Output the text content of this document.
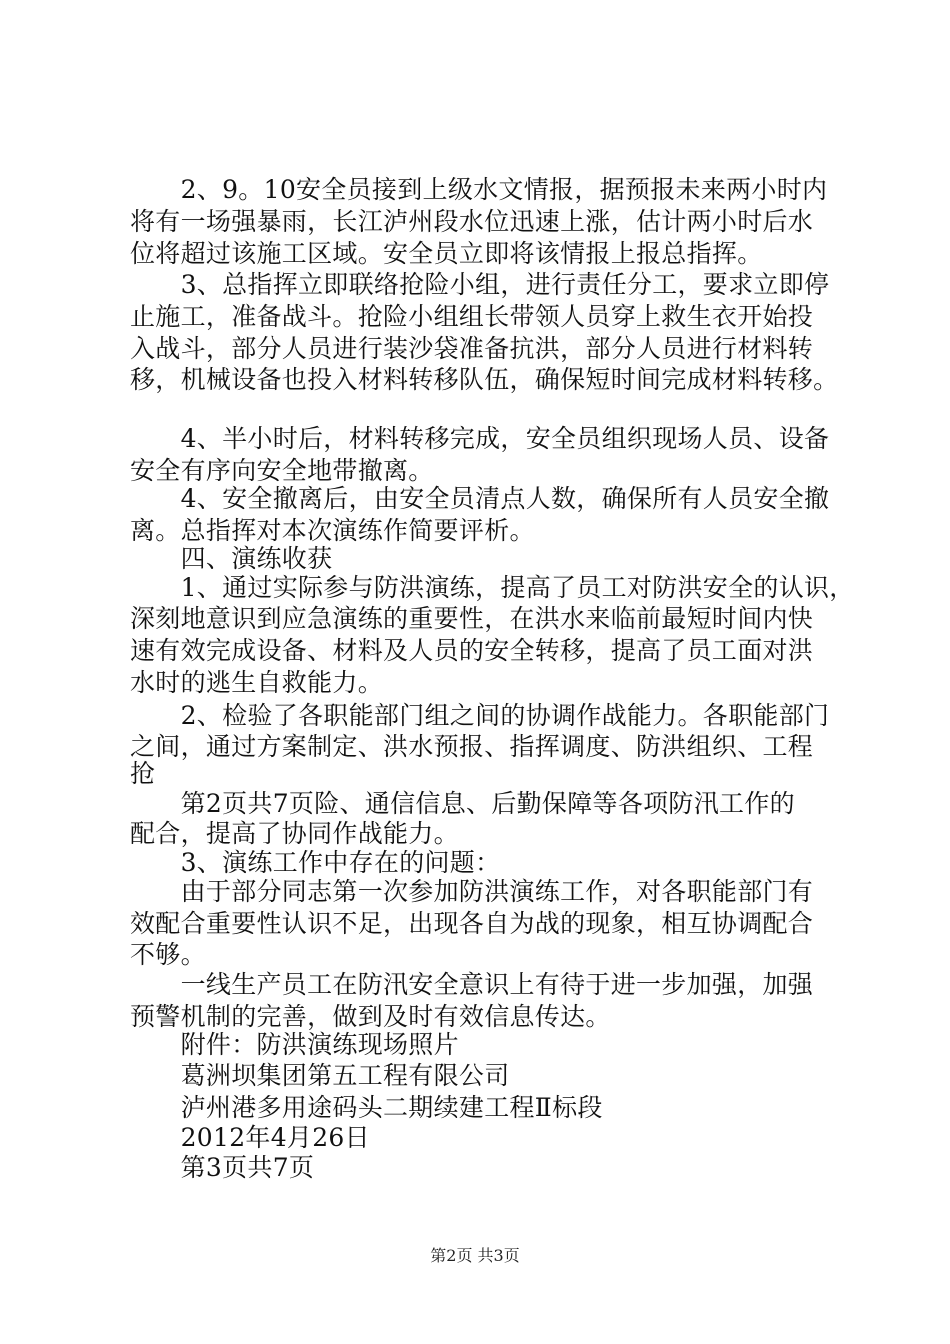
　　2、9。10安全员接到上级水文情报，据预报未来两小时内
将有一场强暴雨，长江泸州段水位迅速上涨，估计两小时后水
位将超过该施工区域。安全员立即将该情报上报总指挥。
　　3、总指挥立即联络抢险小组，进行责任分工，要求立即停
止施工，准备战斗。抢险小组组长带领人员穿上救生衣开始投
入战斗，部分人员进行装沙袋准备抗洪，部分人员进行材料转
移，机械设备也投入材料转移队伍，确保短时间完成材料转移。
　　4、半小时后，材料转移完成，安全员组织现场人员、设备
安全有序向安全地带撤离。
　　4、安全撤离后，由安全员清点人数，确保所有人员安全撤
离。总指挥对本次演练作简要评析。
　　四、演练收获
　　1、通过实际参与防洪演练，提高了员工对防洪安全的认识，
深刻地意识到应急演练的重要性，在洪水来临前最短时间内快
速有效完成设备、材料及人员的安全转移，提高了员工面对洪
水时的逃生自救能力。
　　2、检验了各职能部门组之间的协调作战能力。各职能部门
之间，通过方案制定、洪水预报、指挥调度、防洪组织、工程
抢
　　第2页共7页险、通信信息、后勤保障等各项防汛工作的
配合，提高了协同作战能力。
　　3、演练工作中存在的问题：
　　由于部分同志第一次参加防洪演练工作，对各职能部门有
效配合重要性认识不足，出现各自为战的现象，相互协调配合
不够。
　　一线生产员工在防汛安全意识上有待于进一步加强，加强
预警机制的完善，做到及时有效信息传达。
　　附件：防洪演练现场照片
　　葛洲坝集团第五工程有限公司
　　泸州港多用途码头二期续建工程Ⅱ标段
　　2012年4月26日
　　第3页共7页
第2页 共3页
